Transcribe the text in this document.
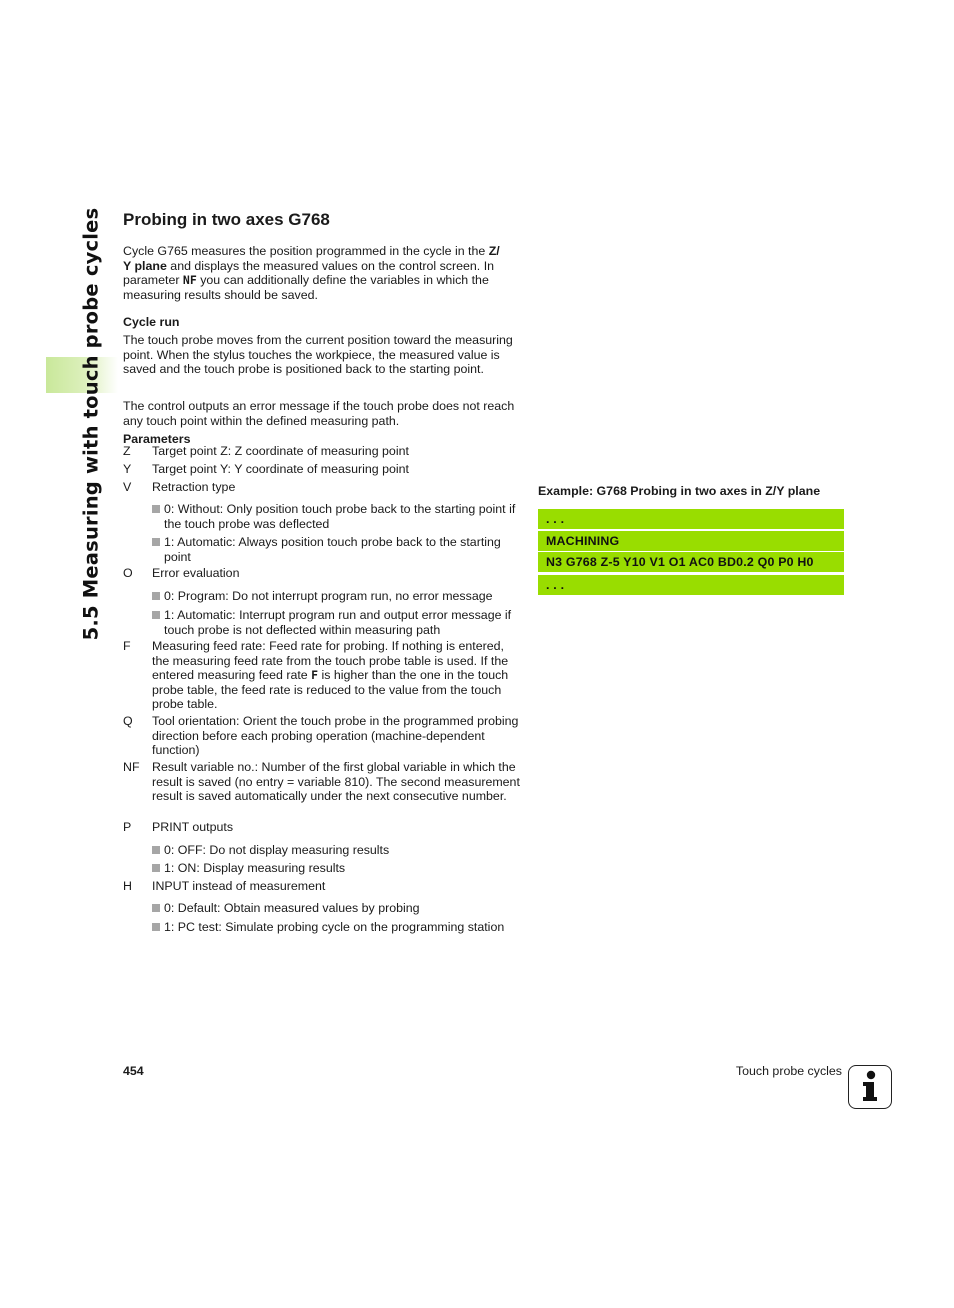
5.5 Measuring with touch probe cycles Probing in two axes G768

Cycle G765 measures the position programmed in the cycle in the Z/
Y plane and displays the measured values on the control screen. In parameter NF you can additionally define the variables in which the measuring results should be saved.

Cycle run

The touch probe moves from the current position toward the measuring point. When the stylus touches the workpiece, the measured value is saved and the touch probe is positioned back to the starting point.

The control outputs an error message if the touch probe does not reach any touch point within the defined measuring path.

Parameters
Z Target point Z: Z coordinate of measuring point
Y Target point Y: Y coordinate of measuring point
V Retraction type
0: Without: Only position touch probe back to the starting point if the touch probe was deflected
1: Automatic: Always position touch probe back to the starting point
O Error evaluation
0: Program: Do not interrupt program run, no error message
1: Automatic: Interrupt program run and output error message if touch probe is not deflected within measuring path
F Measuring feed rate: Feed rate for probing. If nothing is entered, the measuring feed rate from the touch probe table is used. If the entered measuring feed rate F is higher than the one in the touch probe table, the feed rate is reduced to the value from the touch probe table.
Q Tool orientation: Orient the touch probe in the programmed probing direction before each probing operation (machine-dependent function)
NF Result variable no.: Number of the first global variable in which the result is saved (no entry = variable 810). The second measurement result is saved automatically under the next consecutive number.
P PRINT outputs
0: OFF: Do not display measuring results
1: ON: Display measuring results
H INPUT instead of measurement
0: Default: Obtain measured values by probing
1: PC test: Simulate probing cycle on the programming station

Example: G768 Probing in two axes in Z/Y plane

. . .
MACHINING
N3 G768 Z-5 Y10 V1 O1 AC0 BD0.2 Q0 P0 H0
. . .
454	Touch probe cycles
